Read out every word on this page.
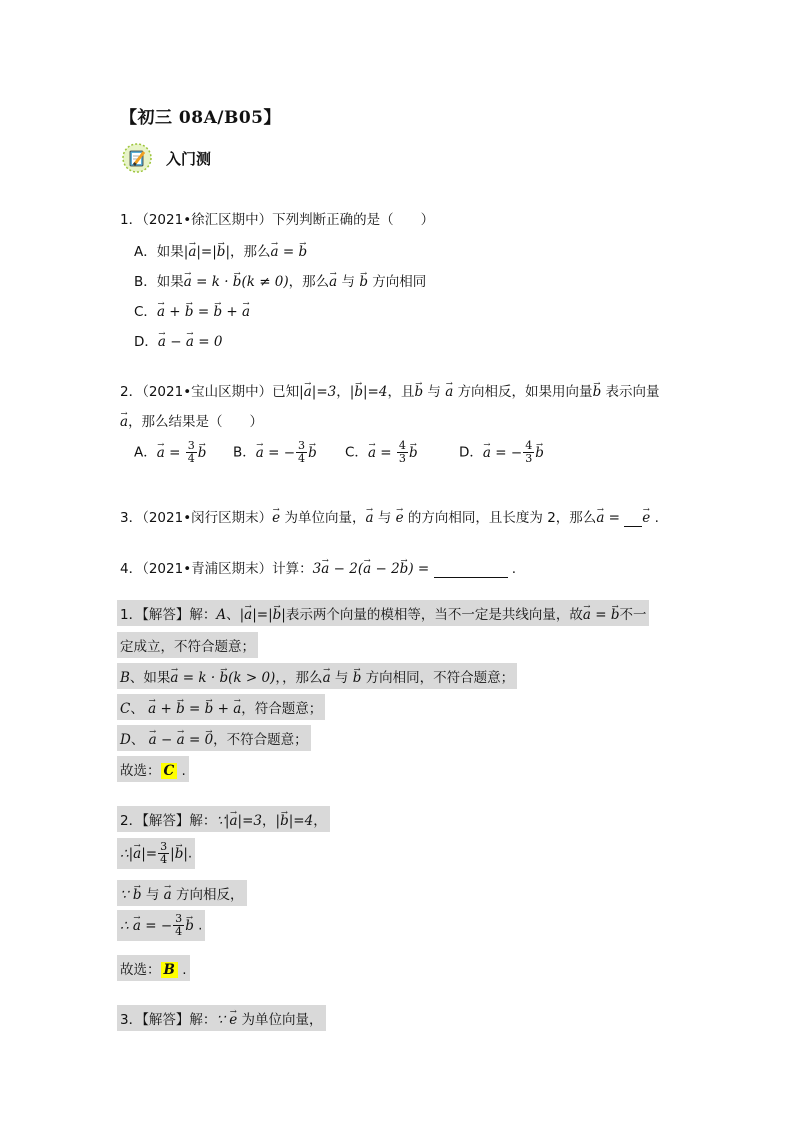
【初三 08A/B05】
入门测
1．（2021•徐汇区期中）下列判断正确的是（　　）
A．如果|→ a|=|→ b|，那么→ a = → b
B．如果→ a = k · → b(k ≠ 0)，那么→ a 与 → b 方向相同
C．→ a + → b = → b + → a
D．→ a − → a = 0
2．（2021•宝山区期中）已知|→ a|=3，|→ b|=4，且→ b 与 → a 方向相反，如果用向量→ b 表示向量
→ a，那么结果是（　　）
A．→ $a = \frac{3}{4}$
→ b B．→ a = − $\frac{3}{4}$
→ b C．→ $a = \frac{4}{3}$
→ b	D．→ a = − $\frac{4}{3}$
→ b
3．（2021•闵行区期末）→ e 为单位向量，→ a 与 → e 的方向相同，且长度为 2，那么→ a =  → e .
4．（2021•青浦区期末）计算：3→ a − 2(→ a − 2→ b) =	.
1．【解答】解：A、|→ a|=|→ b|表示两个向量的模相等，当不一定是共线向量，故→ a = → b不一
定成立，不符合题意；
B、如果→ a = k · → b(k > 0)，，那么→ a 与 → b 方向相同，不符合题意；
C、 → a + → b = → b + → a，符合题意；
D、 → a − → a = → 0，不符合题意；
故选： C .
2．【解答】解：∵|→ a|=3，|→ b|=4，
∴|→ $a|= \frac{3}{4}$ |→ b|.
∵ → b 与 → a 方向相反，
∴ → a = − $\frac{3}{4}$
→ b .
故选： B .
3．【解答】解：∵ → e 为单位向量，
